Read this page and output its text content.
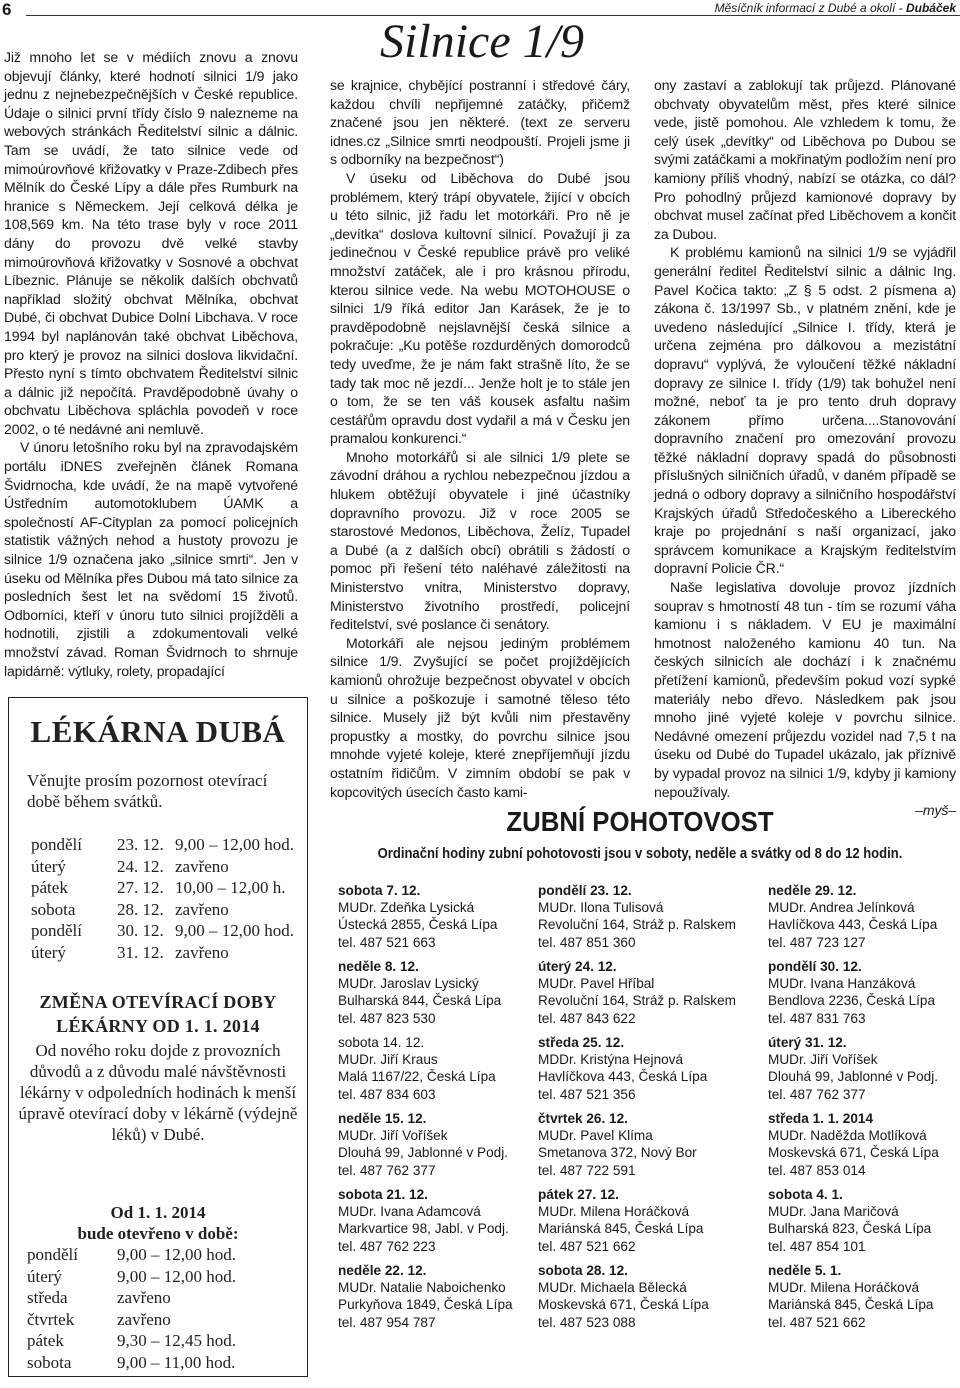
6	Měsíčník informací z Dubé a okolí - Dubáček
Silnice 1/9

Již mnoho let se v médiích znovu a znovu objevují články, které hodnotí silnici 1/9 jako jednu z nejnebezpečnějších v České republice. Údaje o silnici první třídy číslo 9 nalezneme na webových stránkách Ředitelství silnic a dálnic. Tam se uvádí, že tato silnice vede od mimoúrovňové křižovatky v Praze-Zdibech přes Mělník do České Lípy a dále přes Rumburk na hranice s Německem. Její celková délka je 108,569 km. Na této trase byly v roce 2011 dány do provozu dvě velké stavby mimoúrovňová křižovatky v Sosnové a obchvat Líbeznic. Plánuje se několik dalších obchvatů například složitý obchvat Mělníka, obchvat Dubé, či obchvat Dubice Dolní Libchava. V roce 1994 byl naplánován také obchvat Liběchova, pro který je provoz na silnici doslova likvidační. Přesto nyní s tímto obchvatem Ředitelství silnic a dálnic již nepočítá. Pravděpodobně úvahy o obchvatu Liběchova spláchla povodeň v roce 2002, o té nedávné ani nemluvě.

V únoru letošního roku byl na zpravodajském portálu iDNES zveřejněn článek Romana Švidrnocha, kde uvádí, že na mapě vytvořené Ústředním automotoklubem ÚAMK a společností AF-Cityplan za pomocí policejních statistik vážných nehod a hustoty provozu je silnice 1/9 označena jako „silnice smrti“. Jen v úseku od Mělníka přes Dubou má tato silnice za posledních šest let na svědomí 15 životů. Odborníci, kteří v únoru tuto silnici projížděli a hodnotili, zjistili a zdokumentovali velké množství závad. Roman Švidrnoch to shrnuje lapidárně: výtluky, rolety, propadající

se krajnice, chybějící postranní i středové čáry, každou chvíli nepřijemné zatáčky, přičemž značené jsou jen některé. (text ze serveru idnes.cz „Silnice smrti neodpouští. Projeli jsme ji s odborníky na bezpečnost“)

V úseku od Liběchova do Dubé jsou problémem, který trápí obyvatele, žijící v obcích u této silnic, již řadu let motorkáři. Pro ně je „devítka“ doslova kultovní silnicí. Považují ji za jedinečnou v České republice právě pro veliké množství zatáček, ale i pro krásnou přírodu, kterou silnice vede. Na webu MOTOHOUSE o silnici 1/9 říká editor Jan Karásek, že je to pravděpodobně nejslavnější česká silnice a pokračuje: „Ku potěše rozdurděných domorodců tedy uveďme, že je nám fakt strašně líto, že se tady tak moc ně jezdí... Jenže holt je to stále jen o tom, že se ten váš kousek asfaltu našim cestářům opravdu dost vydařil a má v Česku jen pramalou konkurenci.“

Mnoho motorkářů si ale silnici 1/9 plete se závodní dráhou a rychlou nebezpečnou jízdou a hlukem obtěžují obyvatele i jiné účastníky dopravního provozu. Již v roce 2005 se starostové Medonos, Liběchova, Želíz, Tupadel a Dubé (a z dalších obcí) obrátili s žádostí o pomoc při řešení této naléhavé záležitosti na Ministerstvo vnitra, Ministerstvo dopravy, Ministerstvo životního prostředí, policejní ředitelství, své poslance či senátory.

Motorkáři ale nejsou jediným problémem silnice 1/9. Zvyšující se počet projíždějících kamionů ohrožuje bezpečnost obyvatel v obcích u silnice a poškozuje i samotné těleso této silnice. Musely již být kvůli nim přestavěny propustky a mostky, do povrchu silnice jsou mnohde vyjeté koleje, které znepříjemňují jízdu ostatním řidičům. V zimním období se pak v kopcovitých úsecích často kami-

ony zastaví a zablokují tak průjezd. Plánované obchvaty obyvatelům měst, přes které silnice vede, jistě pomohou. Ale vzhledem k tomu, že celý úsek „devítky“ od Liběchova po Dubou se svými zatáčkami a mokřinatým podložím není pro kamiony příliš vhodný, nabízí se otázka, co dál? Pro pohodlný průjezd kamionové dopravy by obchvat musel začínat před Liběchovem a končit za Dubou.

K problému kamionů na silnici 1/9 se vyjádřil generální ředitel Ředitelství silnic a dálnic Ing. Pavel Kočica takto: „Z § 5 odst. 2 písmena a) zákona č. 13/1997 Sb., v platném znění, kde je uvedeno následující „Silnice I. třídy, která je určena zejména pro dálkovou a mezistátní dopravu“ vyplývá, že vyloučení těžké nákladní dopravy ze silnice I. třídy (1/9) tak bohužel není možné, neboť ta je pro tento druh dopravy zákonem přímo určena....Stanovování dopravního značení pro omezování provozu těžké nákladní dopravy spadá do působnosti příslušných silničních úřadů, v daném případě se jedná o odbory dopravy a silničního hospodářství Krajských úřadů Středočeského a Libereckého kraje po projednání s naší organizací, jako správcem komunikace a Krajským ředitelstvím dopravní Policie ČR.“

Naše legislativa dovoluje provoz jízdních souprav s hmotností 48 tun - tím se rozumí váha kamionu i s nákladem. V EU je maximální hmotnost naloženého kamionu 40 tun. Na českých silnicích ale dochází i k značnému přetížení kamionů, především pokud vozí sypké materiály nebo dřevo. Následkem pak jsou mnoho jiné vyjeté koleje v povrchu silnice. Nedávné omezení průjezdu vozidel nad 7,5 t na úseku od Dubé do Tupadel ukázalo, jak příznivě by vypadal provoz na silnici 1/9, kdyby ji kamiony nepoužívaly.

–myš–

LÉKÁRNA DUBÁ
Věnujte prosím pozornost otevírací době během svátků.
pondělí 23. 12. 9,00 – 12,00 hod.
úterý	24. 12. zavřeno
pátek	27. 12. 10,00 – 12,00 h.
sobota 28. 12. zavřeno
pondělí 30. 12. 9,00 – 12,00 hod.
úterý	31. 12. zavřeno
ZMĚNA OTEVÍRACÍ DOBY
LÉKÁRNY OD 1. 1. 2014
Od nového roku dojde z provozních důvodů a z důvodu malé návštěvnosti lékárny v odpoledních hodinách k menší úpravě otevírací doby v lékárně (výdejně léků) v Dubé.
Od 1. 1. 2014
bude otevřeno v době:
pondělí 9,00 – 12,00 hod.
úterý	9,00 – 12,00 hod.
středa	zavřeno
čtvrtek	zavřeno
pátek	9,30 – 12,45 hod.
sobota	9,00 – 11,00 hod.
ZUBNÍ POHOTOVOST
Ordinační hodiny zubní pohotovosti jsou v soboty, neděle a svátky od 8 do 12 hodin.
sobota 7. 12.
MUDr. Zdeňka Lysická
Ústecká 2855, Česká Lípa
tel. 487 521 663
neděle 8. 12.
MUDr. Jaroslav Lysický
Bulharská 844, Česká Lípa
tel. 487 823 530
sobota 14. 12.
MUDr. Jiří Kraus
Malá 1167/22, Česká Lípa
tel. 487 834 603
neděle 15. 12.
MUDr. Jiří Voříšek
Dlouhá 99, Jablonné v Podj.
tel. 487 762 377
sobota 21. 12.
MUDr. Ivana Adamcová
Markvartice 98, Jabl. v Podj.
tel. 487 762 223
neděle 22. 12.
MUDr. Natalie Naboichenko
Purkyňova 1849, Česká Lípa
tel. 487 954 787
pondělí 23. 12.
MUDr. Ilona Tulisová
Revoluční 164, Stráž p. Ralskem
tel. 487 851 360
úterý 24. 12.
MUDr. Pavel Hříbal
Revoluční 164, Stráž p. Ralskem
tel. 487 843 622
středa 25. 12.
MDDr. Kristýna Hejnová
Havlíčkova 443, Česká Lípa
tel. 487 521 356
čtvrtek 26. 12.
MUDr. Pavel Klíma
Smetanova 372, Nový Bor
tel. 487 722 591
pátek 27. 12.
MUDr. Milena Horáčková
Mariánská 845, Česká Lípa
tel. 487 521 662
sobota 28. 12.
MUDr. Michaela Bělecká
Moskevská 671, Česká Lípa
tel. 487 523 088
neděle 29. 12.
MUDr. Andrea Jelínková
Havlíčkova 443, Česká Lípa
tel. 487 723 127
pondělí 30. 12.
MUDr. Ivana Hanzáková
Bendlova 2236, Česká Lípa
tel. 487 831 763
úterý 31. 12.
MUDr. Jiří Voříšek
Dlouhá 99, Jablonné v Podj.
tel. 487 762 377
středa 1. 1. 2014
MUDr. Naděžda Motlíková
Moskevská 671, Česká Lípa
tel. 487 853 014
sobota 4. 1.
MUDr. Jana Maričová
Bulharská 823, Česká Lípa
tel. 487 854 101
neděle 5. 1.
MUDr. Milena Horáčková
Mariánská 845, Česká Lípa
tel. 487 521 662
